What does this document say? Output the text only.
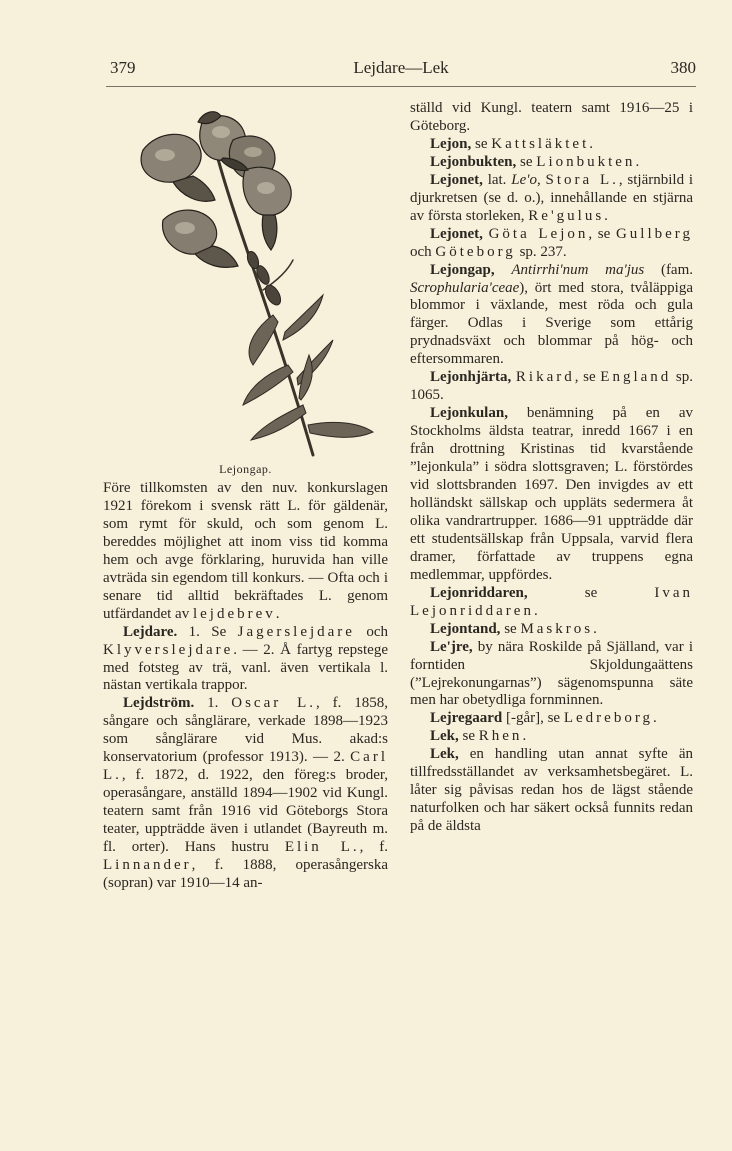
379	Lejdare—Lek	380
Lejongap.

Före tillkomsten av den nuv. konkurslagen 1921 förekom i svensk rätt L. för gäldenär, som rymt för skuld, och som genom L. bereddes möjlighet att inom viss tid komma hem och avge förklaring, huruvida han ville avträda sin egendom till konkurs. — Ofta och i senare tid alltid bekräftades L. genom utfärdandet av lejdebrev.

Lejdare. 1. Se Jagerslejdare och Klyverslejdare. — 2. Å fartyg repstege med fotsteg av trä, vanl. även vertikala l. nästan vertikala trappor.

Lejdström. 1. Oscar L., f. 1858, sångare och sånglärare, verkade 1898—1923 som sånglärare vid Mus. akad:s konservatorium (professor 1913). — 2. Carl L., f. 1872, d. 1922, den föreg:s broder, operasångare, anställd 1894—1902 vid Kungl. teatern samt från 1916 vid Göteborgs Stora teater, uppträdde även i utlandet (Bayreuth m. fl. orter). Hans hustru Elin L., f. Linnander, f. 1888, operasångerska (sopran) var 1910—14 an-

ställd vid Kungl. teatern samt 1916—25 i Göteborg.

Lejon, se Kattsläktet.

Lejonbukten, se Lionbukten.

Lejonet, lat. Le'o, Stora L., stjärnbild i djurkretsen (se d. o.), innehållande en stjärna av första storleken, Re'gulus.

Lejonet, Göta Lejon, se Gullberg och Göteborg sp. 237.

Lejongap, Antirrhi'num ma'jus (fam. Scrophularia'ceae), ört med stora, tvåläppiga blommor i växlande, mest röda och gula färger. Odlas i Sverige som ettårig prydnadsväxt och blommar på hög- och eftersommaren.

Lejonhjärta, Rikard, se England sp. 1065.

Lejonkulan, benämning på en av Stockholms äldsta teatrar, inredd 1667 i en från drottning Kristinas tid kvarstående ”lejonkula” i södra slottsgraven; L. förstördes vid slottsbranden 1697. Den invigdes av ett holländskt sällskap och uppläts sedermera åt olika vandrartrupper. 1686—91 uppträdde där ett studentsällskap från Uppsala, varvid flera dramer, författade av truppens egna medlemmar, uppfördes.

Lejonriddaren, se Ivan Lejonriddaren.

Lejontand, se Maskros.

Le'jre, by nära Roskilde på Själland, var i forntiden Skjoldungaättens (”Lejrekonungarnas”) sägenomspunna säte men har obetydliga fornminnen.

Lejregaard [-går], se Ledreborg.

Lek, se Rhen.

Lek, en handling utan annat syfte än tillfredsställandet av verksamhetsbegäret. L. låter sig påvisas redan hos de lägst stående naturfolken och har säkert också funnits redan på de äldsta
